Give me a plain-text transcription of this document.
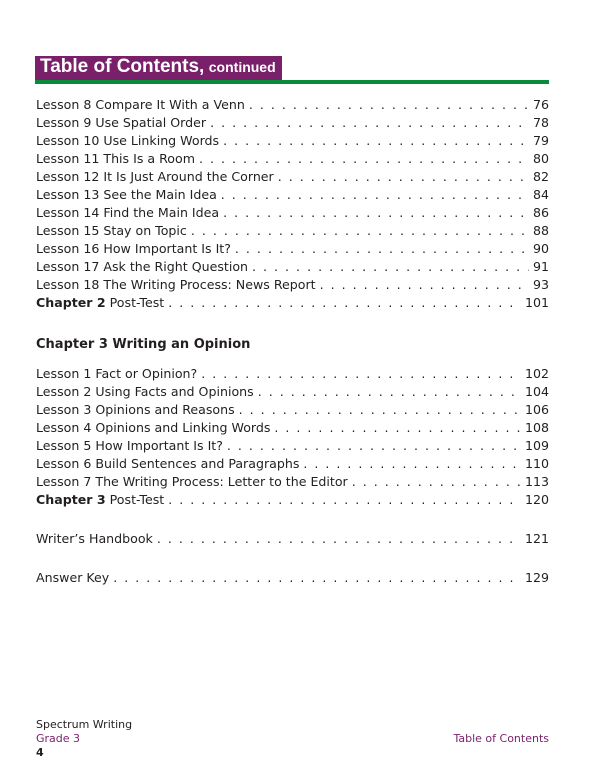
Table of Contents, continued
Lesson 8 Compare It With a Venn . . .	76
Lesson 9 Use Spatial Order . . .	78
Lesson 10 Use Linking Words . . .	79
Lesson 11 This Is a Room . . .	80
Lesson 12 It Is Just Around the Corner . . .	82
Lesson 13 See the Main Idea . . .	84
Lesson 14 Find the Main Idea . . .	86
Lesson 15 Stay on Topic . . .	88
Lesson 16 How Important Is It? . . .	90
Lesson 17 Ask the Right Question . . .	91
Lesson 18 The Writing Process: News Report . . .	93
Chapter 2 Post-Test . . .	101
Chapter 3 Writing an Opinion
Lesson 1 Fact or Opinion? . . .	102
Lesson 2 Using Facts and Opinions . . .	104
Lesson 3 Opinions and Reasons . . .	106
Lesson 4 Opinions and Linking Words . . .	108
Lesson 5 How Important Is It? . . .	109
Lesson 6 Build Sentences and Paragraphs . . .	110
Lesson 7 The Writing Process: Letter to the Editor . . .	113
Chapter 3 Post-Test . . .	120
Writer’s Handbook . . .	121
Answer Key . . .	129
Spectrum Writing
Grade 3
4
Table of Contents
